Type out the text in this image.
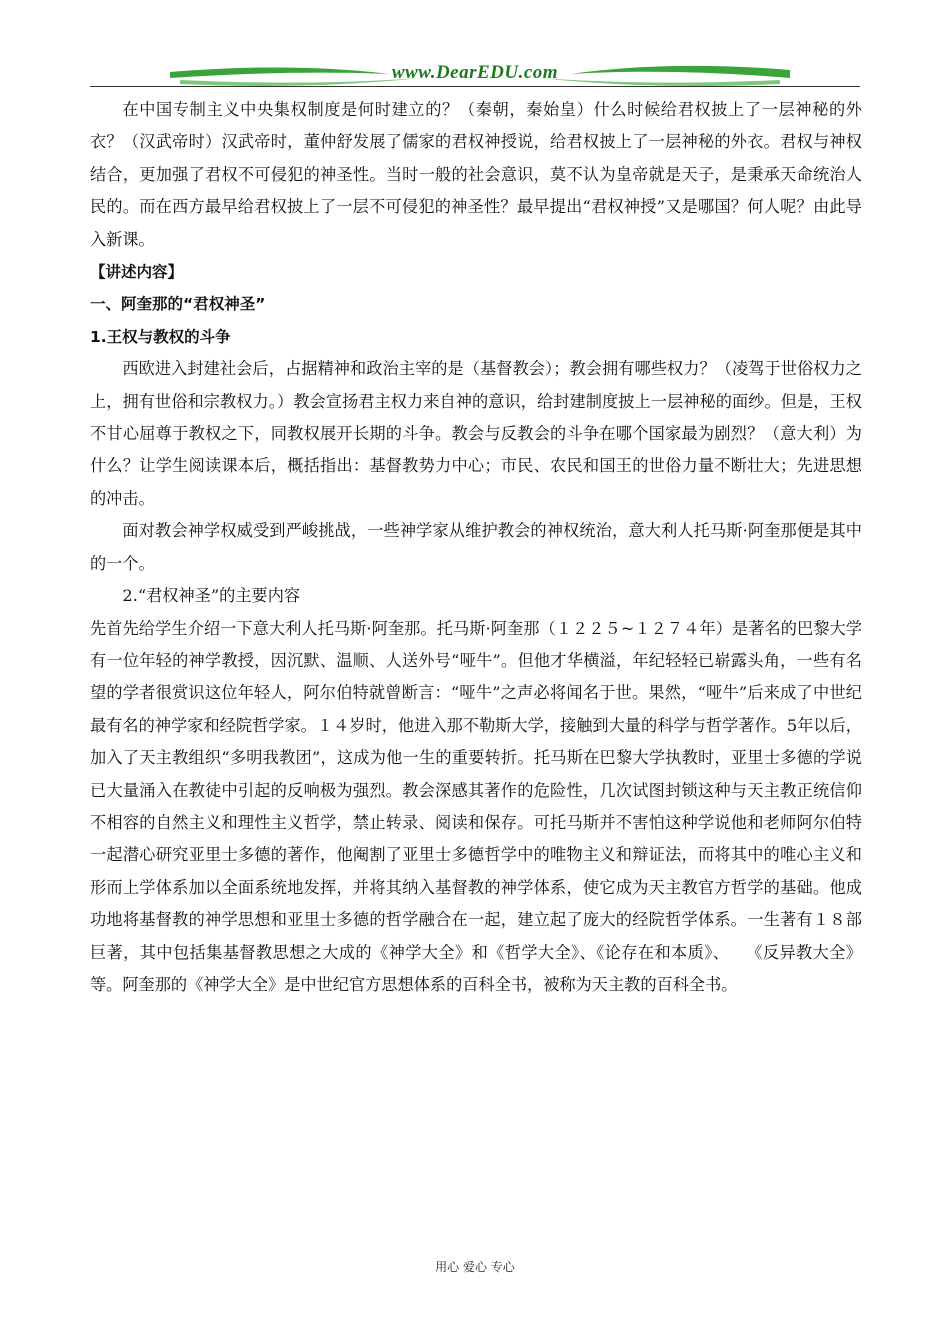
www.DearEDU.com

在中国专制主义中央集权制度是何时建立的？（秦朝，秦始皇）什么时候给君权披上了一层神秘的外衣？（汉武帝时）汉武帝时，董仲舒发展了儒家的君权神授说，给君权披上了一层神秘的外衣。君权与神权结合，更加强了君权不可侵犯的神圣性。当时一般的社会意识，莫不认为皇帝就是天子，是秉承天命统治人民的。而在西方最早给君权披上了一层不可侵犯的神圣性？最早提出“君权神授”又是哪国？何人呢？由此导入新课。

【讲述内容】

一、阿奎那的“君权神圣”

1.王权与教权的斗争

西欧进入封建社会后，占据精神和政治主宰的是（基督教会）；教会拥有哪些权力？（凌驾于世俗权力之上，拥有世俗和宗教权力。）教会宣扬君主权力来自神的意识，给封建制度披上一层神秘的面纱。但是，王权不甘心屈尊于教权之下，同教权展开长期的斗争。教会与反教会的斗争在哪个国家最为剧烈？（意大利）为什么？让学生阅读课本后，概括指出：基督教势力中心；市民、农民和国王的世俗力量不断壮大；先进思想的冲击。

面对教会神学权威受到严峻挑战，一些神学家从维护教会的神权统治，意大利人托马斯·阿奎那便是其中的一个。

2.“君权神圣”的主要内容

先首先给学生介绍一下意大利人托马斯·阿奎那。托马斯·阿奎那（１２２５~１２７４年）是著名的巴黎大学有一位年轻的神学教授，因沉默、温顺、人送外号“哑牛”。但他才华横溢，年纪轻轻已崭露头角，一些有名望的学者很赏识这位年轻人，阿尔伯特就曾断言：“哑牛”之声必将闻名于世。果然，“哑牛”后来成了中世纪最有名的神学家和经院哲学家。１４岁时，他进入那不勒斯大学，接触到大量的科学与哲学著作。5年以后，加入了天主教组织“多明我教团”，这成为他一生的重要转折。托马斯在巴黎大学执教时，亚里士多德的学说已大量涌入在教徒中引起的反响极为强烈。教会深感其著作的危险性，几次试图封锁这种与天主教正统信仰不相容的自然主义和理性主义哲学，禁止转录、阅读和保存。可托马斯并不害怕这种学说他和老师阿尔伯特一起潜心研究亚里士多德的著作，他阉割了亚里士多德哲学中的唯物主义和辩证法，而将其中的唯心主义和形而上学体系加以全面系统地发挥，并将其纳入基督教的神学体系，使它成为天主教官方哲学的基础。他成功地将基督教的神学思想和亚里士多德的哲学融合在一起，建立起了庞大的经院哲学体系。一生著有１８部巨著，其中包括集基督教思想之大成的《神学大全》和《哲学大全》、《论存在和本质》、　　《反异教大全》等。阿奎那的《神学大全》是中世纪官方思想体系的百科全书，被称为天主教的百科全书。

用心 爱心 专心
